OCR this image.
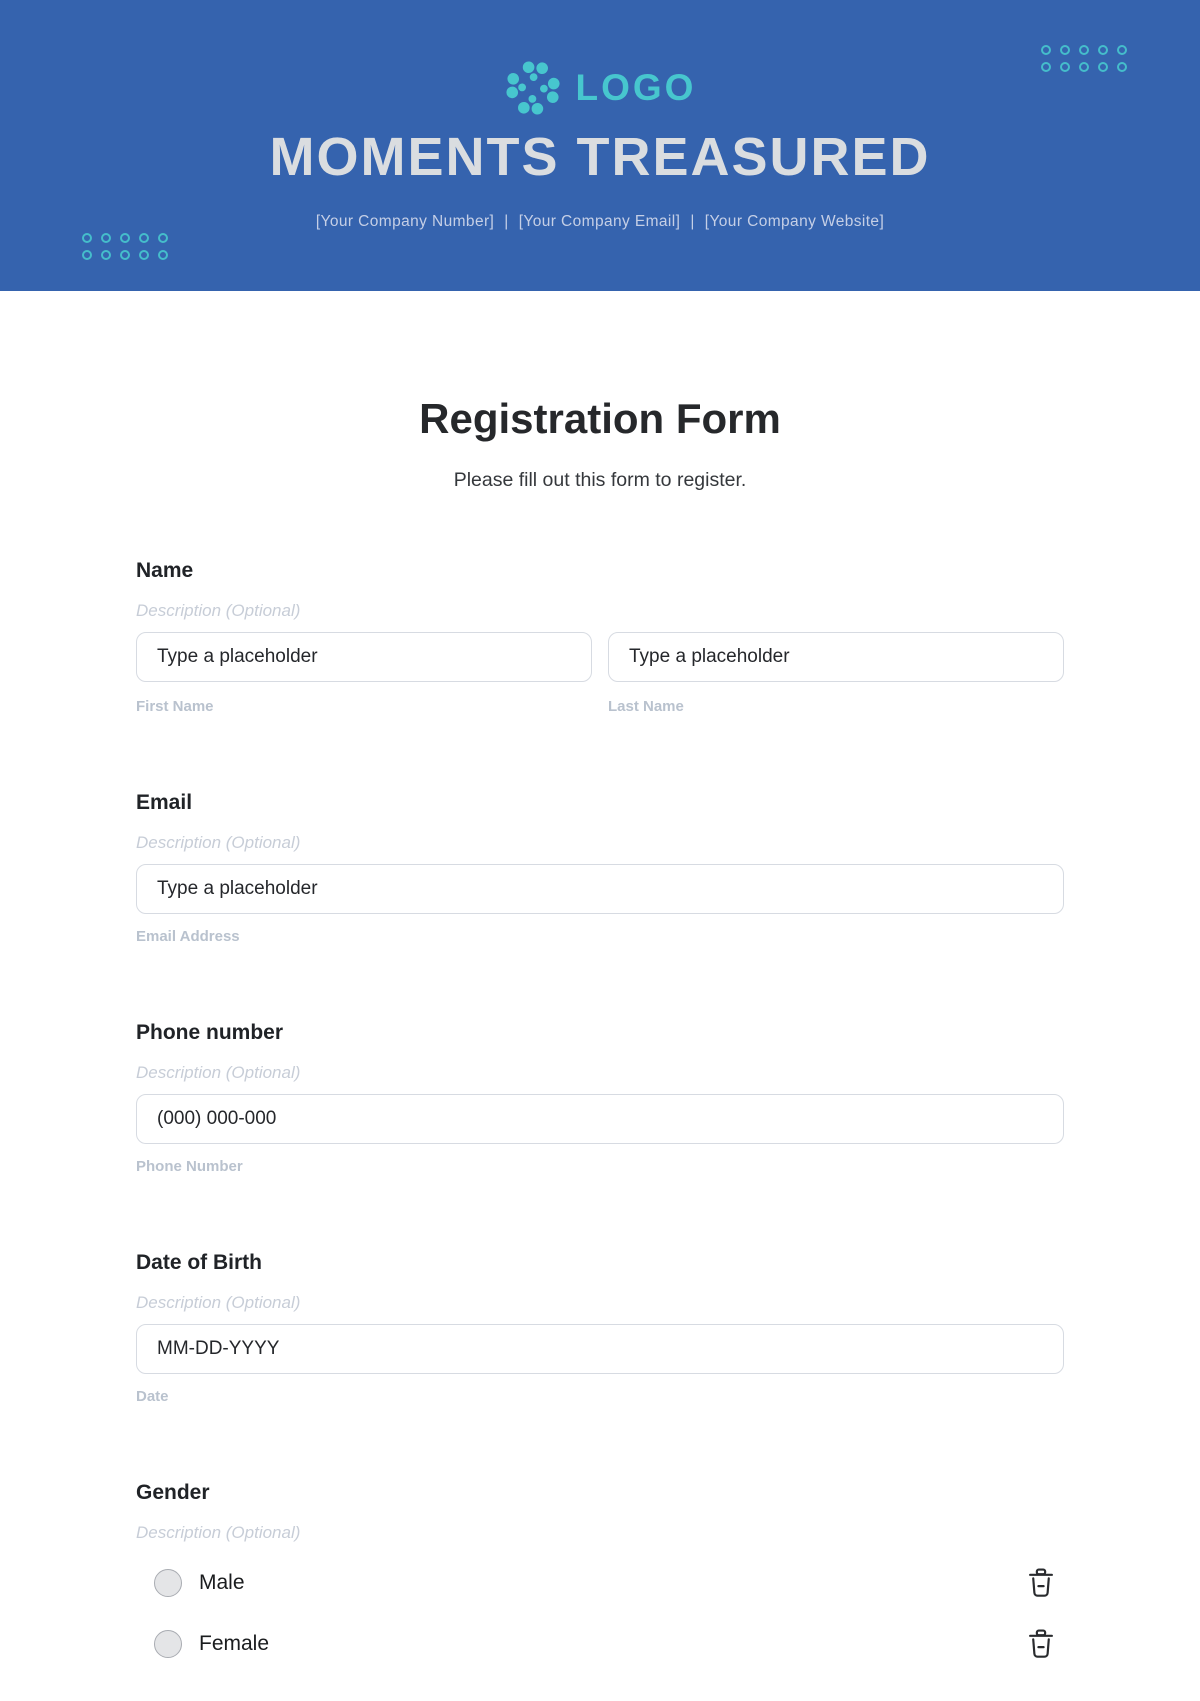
LOGO
MOMENTS TREASURED
[Your Company Number] | [Your Company Email] | [Your Company Website]
Registration Form
Please fill out this form to register.
Name
Description (Optional)
Type a placeholder
Type a placeholder
First Name	Last Name
Email
Description (Optional)
Type a placeholder
Email Address
Phone number
Description (Optional)
(000) 000-000
Phone Number
Date of Birth
Description (Optional)
MM-DD-YYYY
Date
Gender
Description (Optional)
Male
Female
